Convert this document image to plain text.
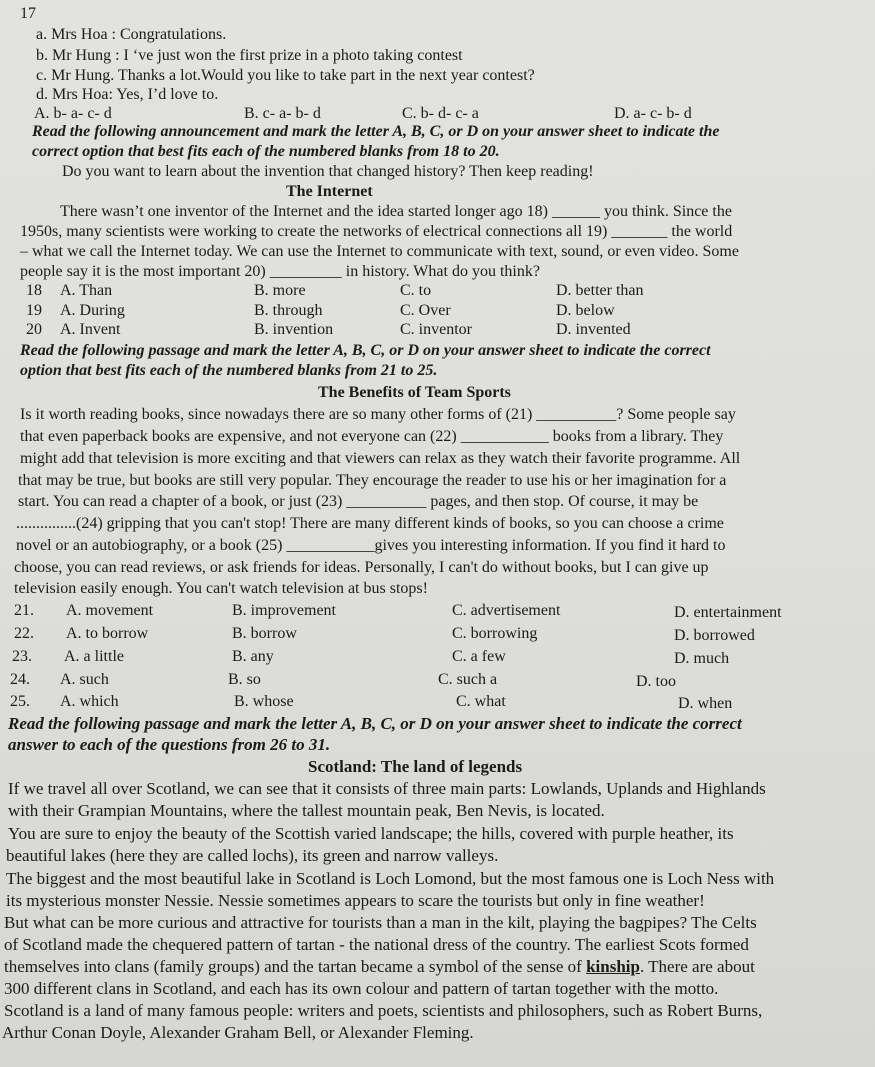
17
a. Mrs Hoa : Congratulations.
b. Mr Hung : I ‘ve just won the first prize in a photo taking contest
c. Mr Hung. Thanks a lot.Would you like to take part in the next year contest?
d. Mrs Hoa: Yes, I’d love to.
A. b- a- c- d	B. c- a- b- d	C. b- d- c- a	D. a- c- b- d
Read the following announcement and mark the letter A, B, C, or D on your answer sheet to indicate the
correct option that best fits each of the numbered blanks from 18 to 20.
Do you want to learn about the invention that changed history? Then keep reading!
The Internet
There wasn’t one inventor of the Internet and the idea started longer ago 18) ______ you think. Since the
1950s, many scientists were working to create the networks of electrical connections all 19) _______ the world
– what we call the Internet today. We can use the Internet to communicate with text, sound, or even video. Some
people say it is the most important 20) _________ in history. What do you think?
18 A. Than	B. more	C. to	D. better than
19 A. During	B. through	C. Over	D. below
20 A. Invent	B. invention	C. inventor	D. invented
Read the following passage and mark the letter A, B, C, or D on your answer sheet to indicate the correct
option that best fits each of the numbered blanks from 21 to 25.
The Benefits of Team Sports
Is it worth reading books, since nowadays there are so many other forms of (21) __________? Some people say
that even paperback books are expensive, and not everyone can (22) ___________ books from a library. They
might add that television is more exciting and that viewers can relax as they watch their favorite programme. All
that may be true, but books are still very popular. They encourage the reader to use his or her imagination for a
start. You can read a chapter of a book, or just (23) __________ pages, and then stop. Of course, it may be
...............(24) gripping that you can't stop! There are many different kinds of books, so you can choose a crime
novel or an autobiography, or a book (25) ___________gives you interesting information. If you find it hard to
choose, you can read reviews, or ask friends for ideas. Personally, I can't do without books, but I can give up
television easily enough. You can't watch television at bus stops!
21. A. movement	B. improvement	C. advertisement	D. entertainment
22. A. to borrow	B. borrow	C. borrowing	D. borrowed
23. A. a little	B. any	C. a few	D. much
24. A. such	B. so	C. such a	D. too
25. A. which	B. whose	C. what	D. when
Read the following passage and mark the letter A, B, C, or D on your answer sheet to indicate the correct
answer to each of the questions from 26 to 31.
Scotland: The land of legends
If we travel all over Scotland, we can see that it consists of three main parts: Lowlands, Uplands and Highlands
with their Grampian Mountains, where the tallest mountain peak, Ben Nevis, is located.
You are sure to enjoy the beauty of the Scottish varied landscape; the hills, covered with purple heather, its
beautiful lakes (here they are called lochs), its green and narrow valleys.
The biggest and the most beautiful lake in Scotland is Loch Lomond, but the most famous one is Loch Ness with
its mysterious monster Nessie. Nessie sometimes appears to scare the tourists but only in fine weather!
But what can be more curious and attractive for tourists than a man in the kilt, playing the bagpipes? The Celts
of Scotland made the chequered pattern of tartan - the national dress of the country. The earliest Scots formed
themselves into clans (family groups) and the tartan became a symbol of the sense of kinship. There are about
300 different clans in Scotland, and each has its own colour and pattern of tartan together with the motto.
Scotland is a land of many famous people: writers and poets, scientists and philosophers, such as Robert Burns,
Arthur Conan Doyle, Alexander Graham Bell, or Alexander Fleming.
